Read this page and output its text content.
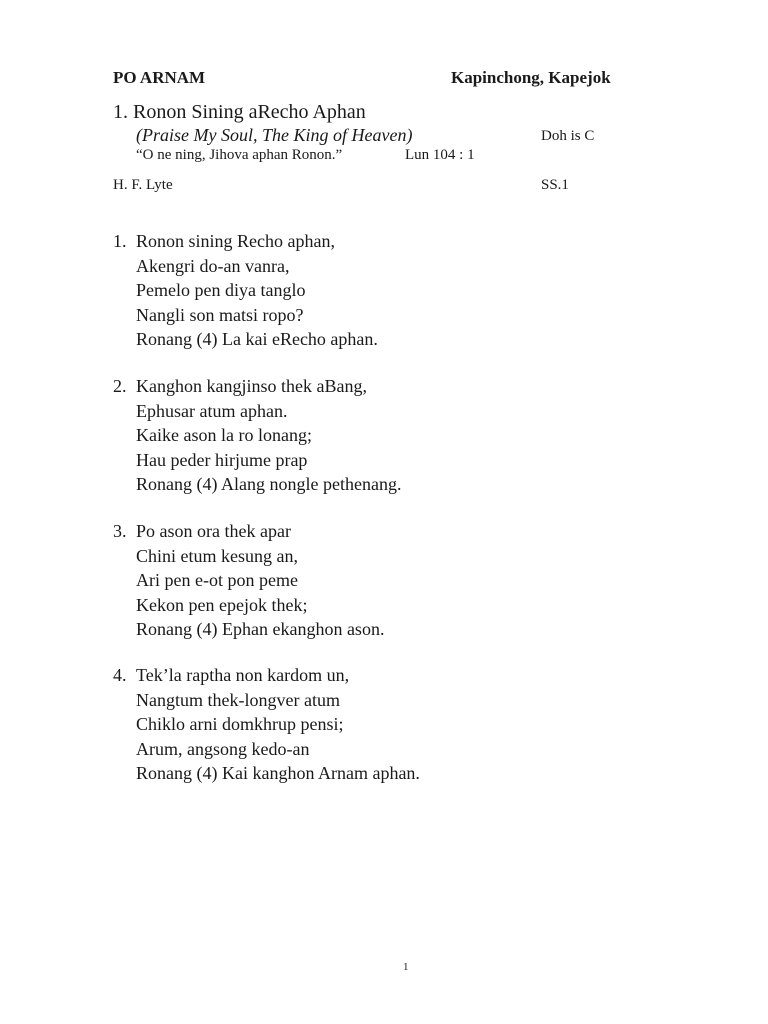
PO ARNAM	Kapinchong, Kapejok
1. Ronon Sining aRecho Aphan
(Praise My Soul, The King of Heaven)	Doh is C
“O ne ning, Jihova aphan Ronon.”	Lun 104 : 1
H. F. Lyte	SS.1
1. Ronon sining Recho aphan,
Akengri do-an vanra,
Pemelo pen diya tanglo
Nangli son matsi ropo?
Ronang (4) La kai eRecho aphan.
2. Kanghon kangjinso thek aBang,
Ephusar atum aphan.
Kaike ason la ro lonang;
Hau peder hirjume prap
Ronang (4) Alang nongle pethenang.
3. Po ason ora thek apar
Chini etum kesung an,
Ari pen e-ot pon peme
Kekon pen epejok thek;
Ronang (4) Ephan ekanghon ason.
4. Tek’la raptha non kardom un,
Nangtum thek-longver atum
Chiklo arni domkhrup pensi;
Arum, angsong kedo-an
Ronang (4) Kai kanghon Arnam aphan.
1
